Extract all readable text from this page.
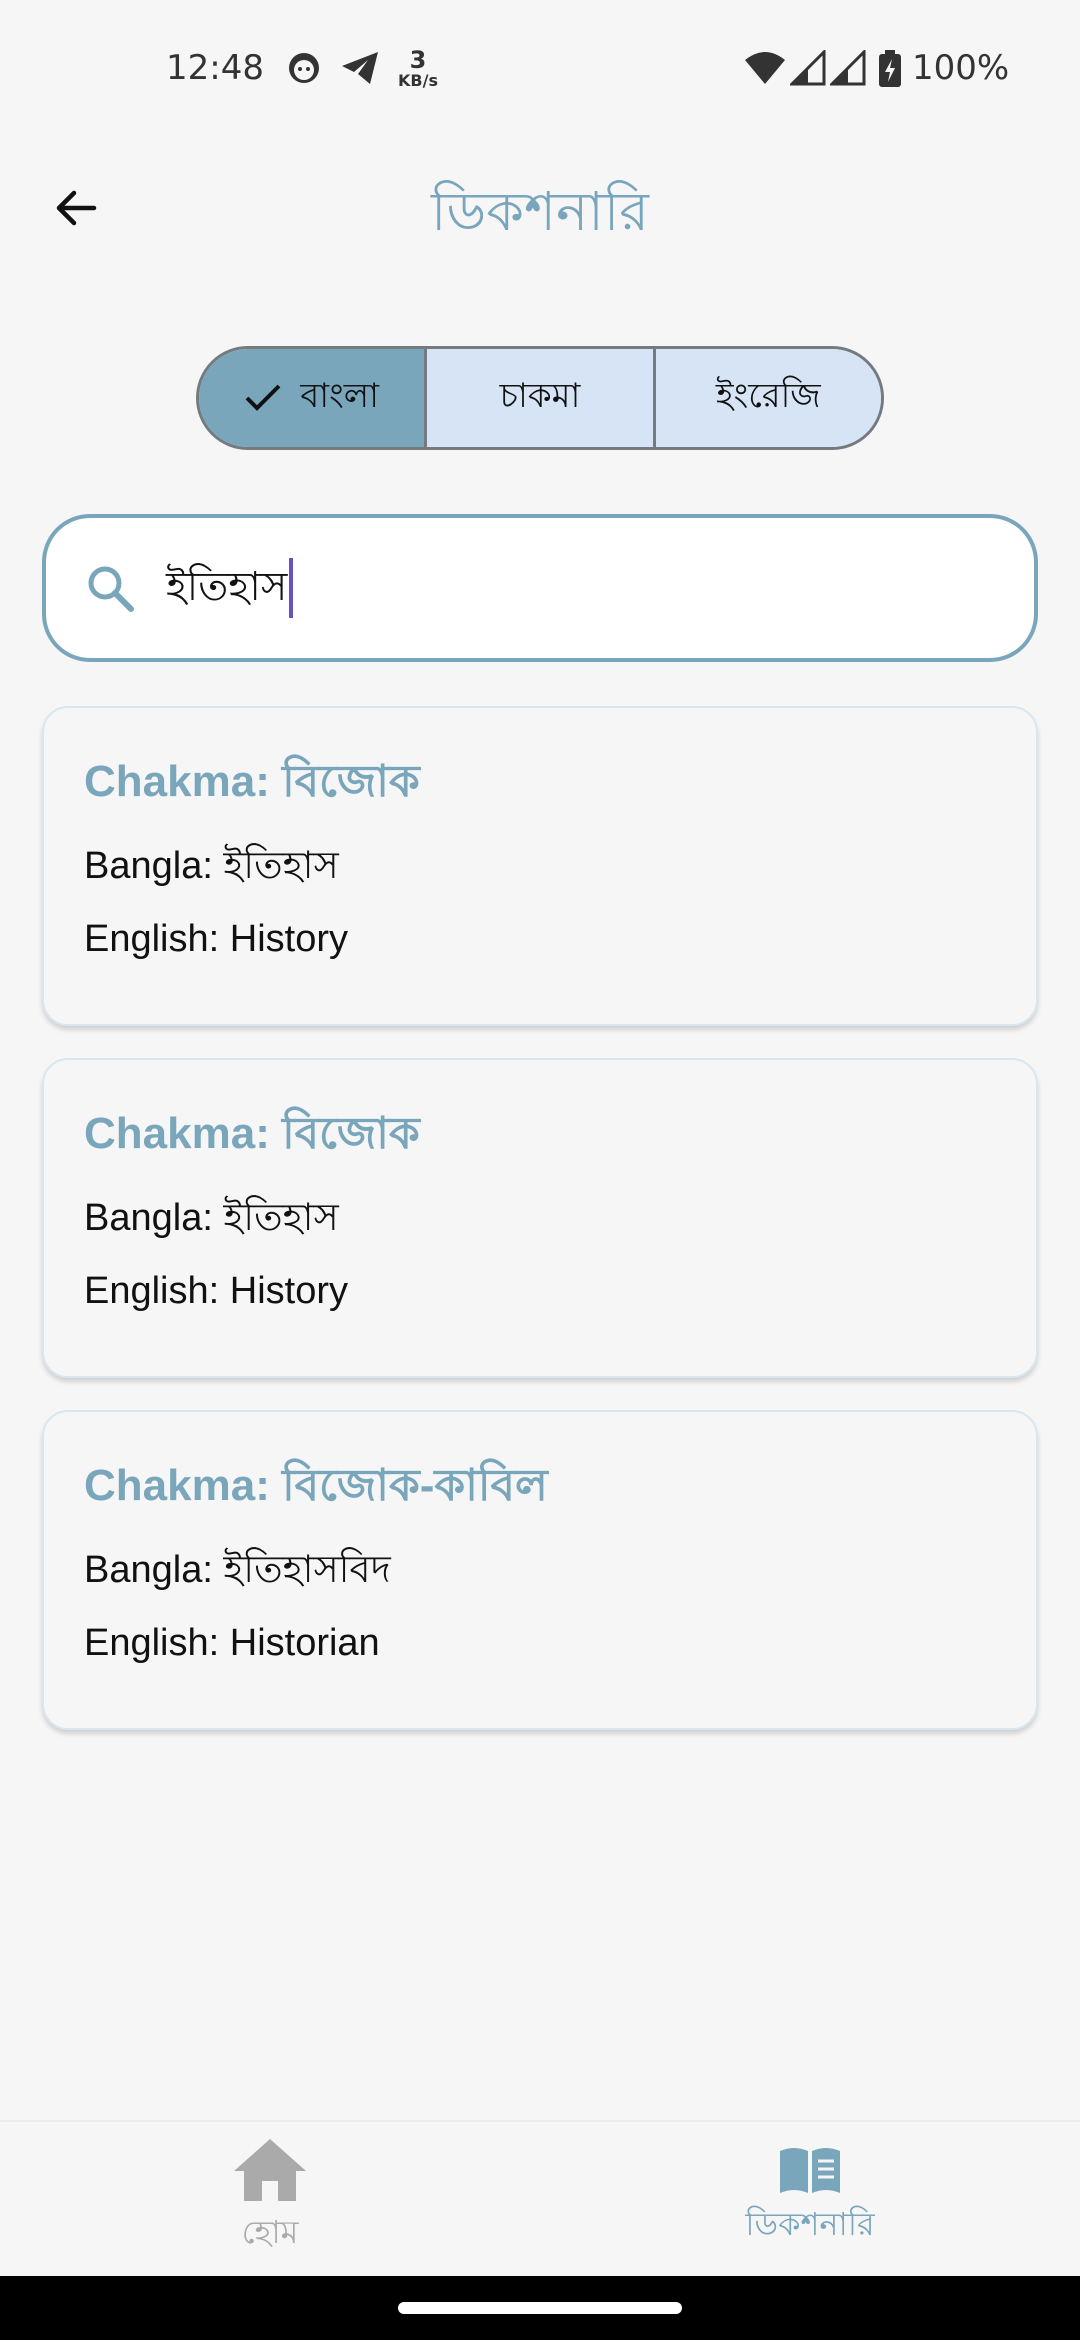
12:48	3
KB/s	100%
ডিকশনারি
বাংলা	চাকমা	ইংরেজি
ইতিহাস
Chakma: বিজোক
Bangla: ইতিহাস
English: History
Chakma: বিজোক
Bangla: ইতিহাস
English: History
Chakma: বিজোক-কাবিল
Bangla: ইতিহাসবিদ
English: Historian
হোম	ডিকশনারি
